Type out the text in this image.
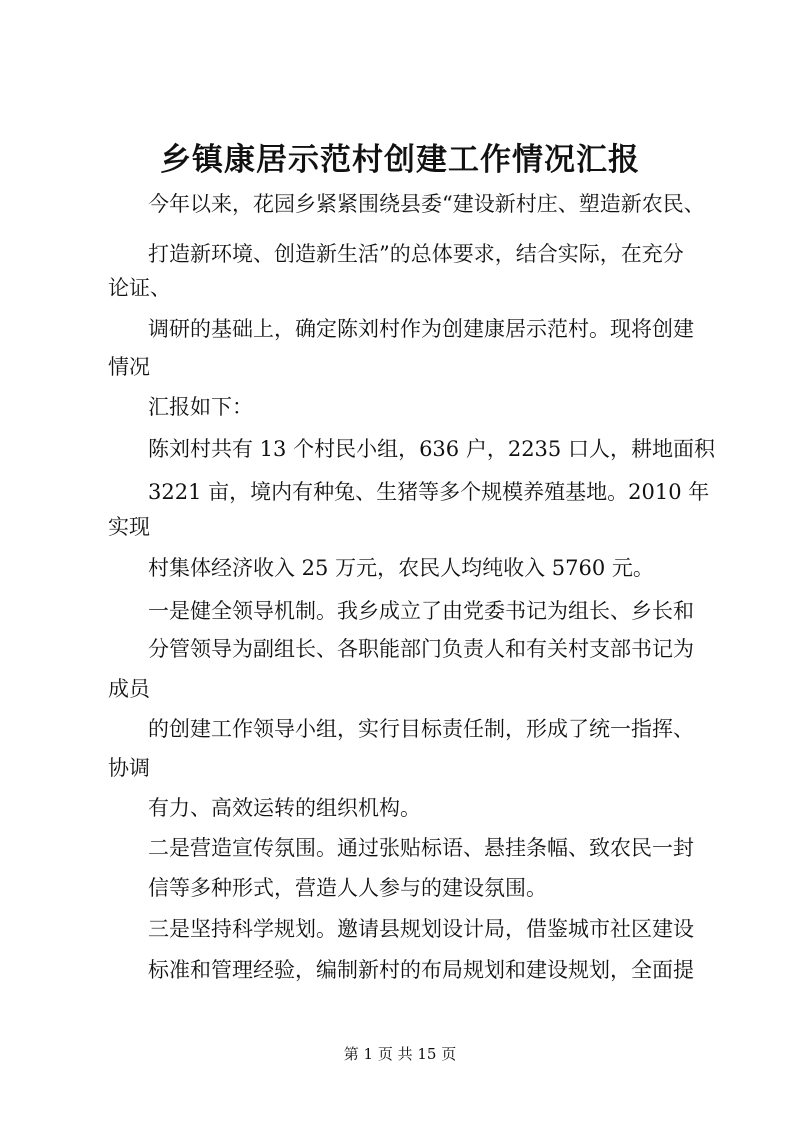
乡镇康居示范村创建工作情况汇报
今年以来，花园乡紧紧围绕县委“建设新村庄、塑造新农民、
打造新环境、创造新生活”的总体要求，结合实际，在充分
论证、
调研的基础上，确定陈刘村作为创建康居示范村。现将创建
情况
汇报如下：
陈刘村共有 13 个村民小组，636 户，2235 口人，耕地面积
3221 亩，境内有种兔、生猪等多个规模养殖基地。2010 年
实现
村集体经济收入 25 万元，农民人均纯收入 5760 元。
一是健全领导机制。我乡成立了由党委书记为组长、乡长和
分管领导为副组长、各职能部门负责人和有关村支部书记为
成员
的创建工作领导小组，实行目标责任制，形成了统一指挥、
协调
有力、高效运转的组织机构。
二是营造宣传氛围。通过张贴标语、悬挂条幅、致农民一封
信等多种形式，营造人人参与的建设氛围。
三是坚持科学规划。邀请县规划设计局，借鉴城市社区建设
标准和管理经验，编制新村的布局规划和建设规划，全面提
第 1 页 共 15 页
